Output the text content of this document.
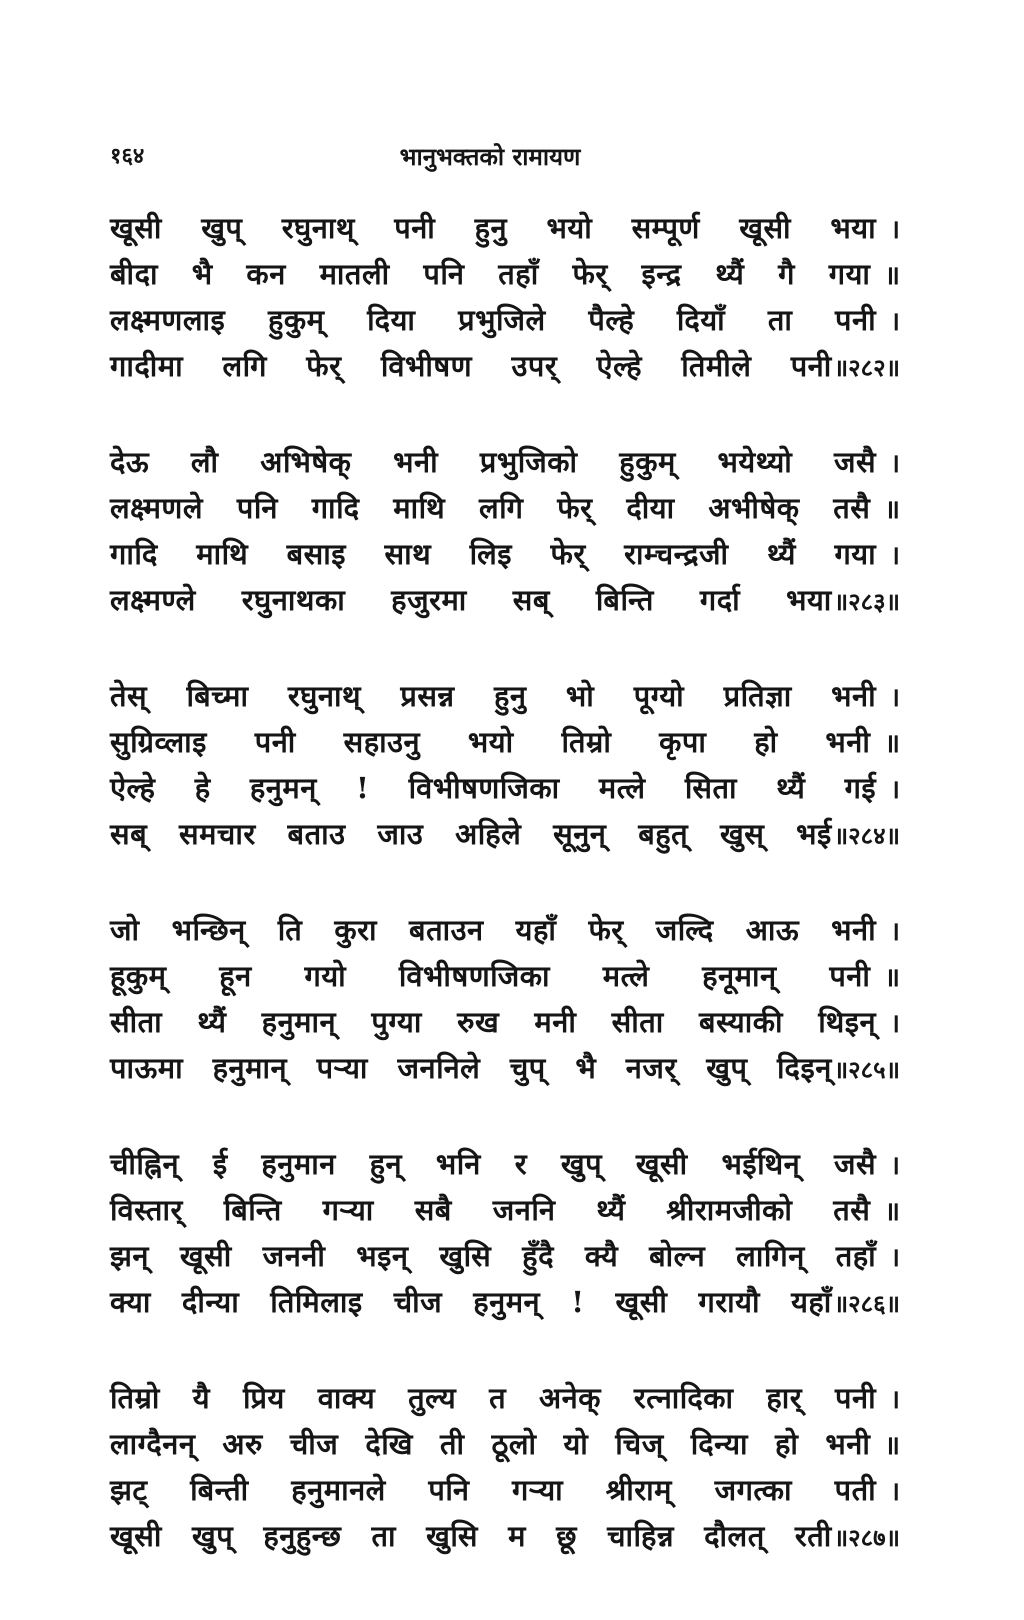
१६४	भानुभक्तको रामायण
खूसी खुप् रघुनाथ् पनी हुनु भयो सम्पूर्ण खूसी भया ।
बीदा भै कन मातली पनि तहाँ फेर् इन्द्र थ्यैं गै गया ॥
लक्ष्मणलाइ हुकुम् दिया प्रभुजिले पैल्हे दियाँ ता पनी ।
गादीमा लगि फेर् विभीषण उपर् ऐल्हे तिमीले पनी ॥२८२॥
देऊ लौ अभिषेक् भनी प्रभुजिको हुकुम् भयेथ्यो जसै ।
लक्ष्मणले पनि गादि माथि लगि फेर् दीया अभीषेक् तसै ॥
गादि माथि बसाइ साथ लिइ फेर् राम्चन्द्रजी थ्यैं गया ।
लक्ष्मण्ले रघुनाथका हजुरमा सब् बिन्ति गर्दा भया ॥२८३॥
तेस् बिच्मा रघुनाथ् प्रसन्न हुनु भो पूग्यो प्रतिज्ञा भनी ।
सुग्रिव्लाइ पनी सहाउनु भयो तिम्रो कृपा हो भनी ॥
ऐल्हे हे हनुमन् ! विभीषणजिका मत्ले सिता थ्यैं गई ।
सब् समचार बताउ जाउ अहिले सूनुन् बहुत् खुस् भई ॥२८४॥
जो भन्छिन् ति कुरा बताउन यहाँ फेर् जल्दि आऊ भनी ।
हूकुम् हून गयो विभीषणजिका मत्ले हनूमान् पनी ॥
सीता थ्यैं हनुमान् पुग्या रुख मनी सीता बस्याकी थिइन् ।
पाऊमा हनुमान् पऱ्या जननिले चुप् भै नजर् खुप् दिइन् ॥२८५॥
चीह्निन् ई हनुमान हुन् भनि र खुप् खूसी भईथिन् जसै ।
विस्तार् बिन्ति गऱ्या सबै जननि थ्यैं श्रीरामजीको तसै ॥
झन् खूसी जननी भइन् खुसि हुँदै क्यै बोल्न लागिन् तहाँ ।
क्या दीन्या तिमिलाइ चीज हनुमन् ! खूसी गरायौ यहाँ ॥२८६॥
तिम्रो यै प्रिय वाक्य तुल्य त अनेक् रत्नादिका हार् पनी ।
लाग्दैनन् अरु चीज देखि ती ठूलो यो चिज् दिन्या हो भनी ॥
झट् बिन्ती हनुमानले पनि गऱ्या श्रीराम् जगत्का पती ।
खूसी खुप् हनुहुन्छ ता खुसि म छू चाहिन्न दौलत् रती ॥२८७॥
